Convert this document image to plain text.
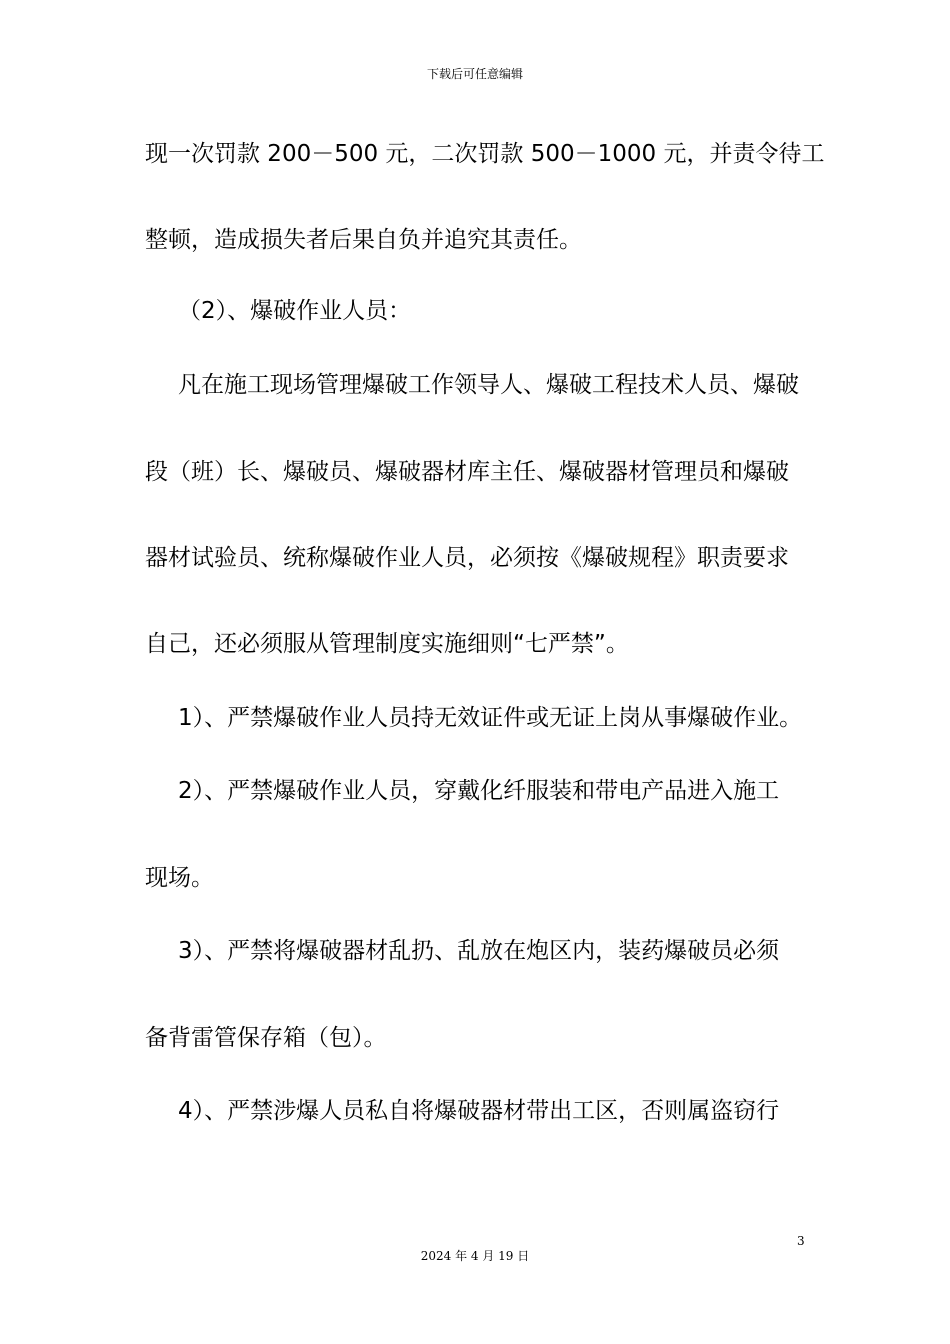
下载后可任意编辑
现一次罚款 200－500 元，二次罚款 500－1000 元，并责令待工
整顿，造成损失者后果自负并追究其责任。
（2）、爆破作业人员：
凡在施工现场管理爆破工作领导人、爆破工程技术人员、爆破
段（班）长、爆破员、爆破器材库主任、爆破器材管理员和爆破
器材试验员、统称爆破作业人员，必须按《爆破规程》职责要求
自己，还必须服从管理制度实施细则“七严禁”。
1）、严禁爆破作业人员持无效证件或无证上岗从事爆破作业。
2）、严禁爆破作业人员，穿戴化纤服装和带电产品进入施工
现场。
3）、严禁将爆破器材乱扔、乱放在炮区内，装药爆破员必须
备背雷管保存箱（包）。
4）、严禁涉爆人员私自将爆破器材带出工区，否则属盗窃行
3
2024 年 4 月 19 日
